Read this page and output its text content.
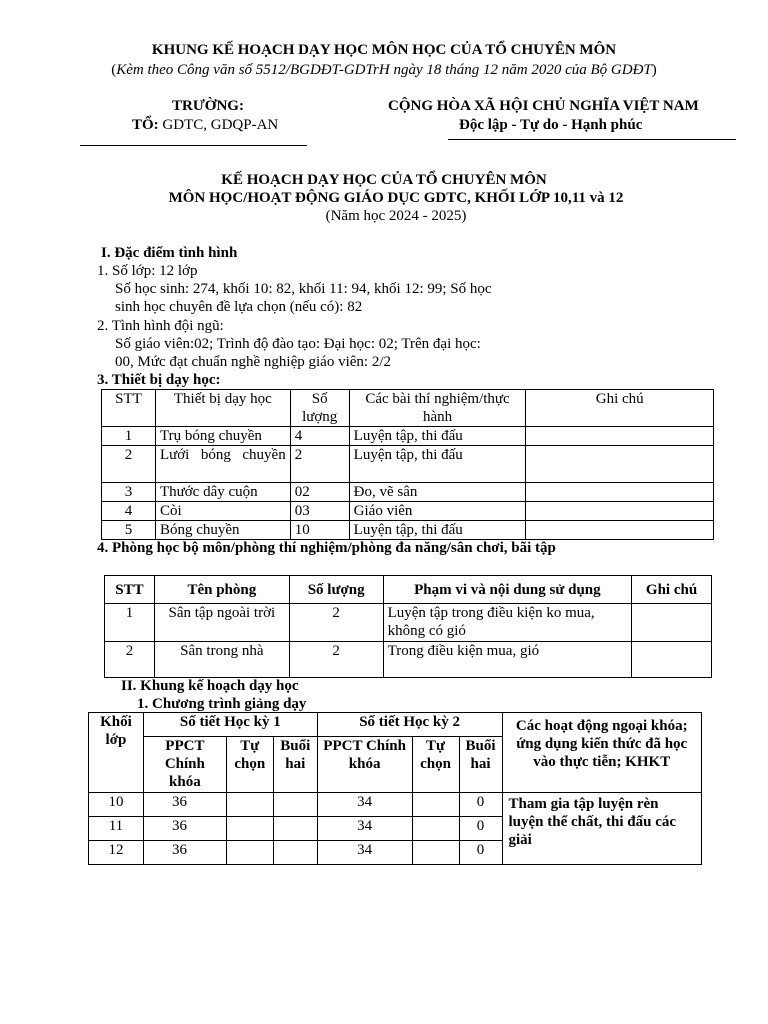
KHUNG KẾ HOẠCH DẠY HỌC MÔN HỌC CỦA TỔ CHUYÊN MÔN
(Kèm theo Công văn số 5512/BGDĐT-GDTrH ngày 18 tháng 12 năm 2020 của Bộ GDĐT)
TRƯỜNG:
TỔ: GDTC, GDQP-AN
CỘNG HÒA XÃ HỘI CHỦ NGHĨA VIỆT NAM
Độc lập - Tự do - Hạnh phúc
KẾ HOẠCH DẠY HỌC CỦA TỔ CHUYÊN MÔN
MÔN HỌC/HOẠT ĐỘNG GIÁO DỤC GDTC, KHỐI LỚP 10,11 và 12
(Năm học 2024 - 2025)
I. Đặc điểm tình hình
1. Số lớp: 12 lớp
Số học sinh: 274, khối 10: 82, khối 11: 94, khối 12: 99; Số học
sinh học chuyên đề lựa chọn (nếu có): 82
2. Tình hình đội ngũ:
Số giáo viên:02; Trình độ đào tạo: Đại học: 02; Trên đại học:
00, Mức đạt chuẩn nghề nghiệp giáo viên: 2/2
3. Thiết bị dạy học:
STT	Thiết bị dạy học	Số lượng	Các bài thí nghiệm/thực hành	Ghi chú
1	Trụ bóng chuyền	4	Luyện tập, thi đấu	
2	Lưới bóng chuyền	2	Luyện tập, thi đấu	
3	Thước dây cuộn	02	Đo, vẽ sân	
4	Còi	03	Giáo viên	
5	Bóng chuyền	10	Luyện tập, thi đấu	
4. Phòng học bộ môn/phòng thí nghiệm/phòng đa năng/sân chơi, bãi tập
STT	Tên phòng	Số lượng	Phạm vi và nội dung sử dụng	Ghi chú
1	Sân tập ngoài trời	2	Luyện tập trong điều kiện ko mua, không có gió	
2	Sân trong nhà	2	Trong điều kiện mua, gió	
II. Khung kế hoạch dạy học
1. Chương trình giảng dạy
Khối lớp	Số tiết Học kỳ 1			Số tiết Học kỳ 2			Các hoạt động ngoại khóa; ứng dụng kiến thức đã học vào thực tiễn; KHKT
	PPCT Chính khóa	Tự chọn	Buổi hai	PPCT Chính khóa	Tự chọn	Buổi hai	
10	36			34		0	Tham gia tập luyện rèn luyện thể chất, thi đấu các giải
11	36			34		0	
12	36			34		0	
